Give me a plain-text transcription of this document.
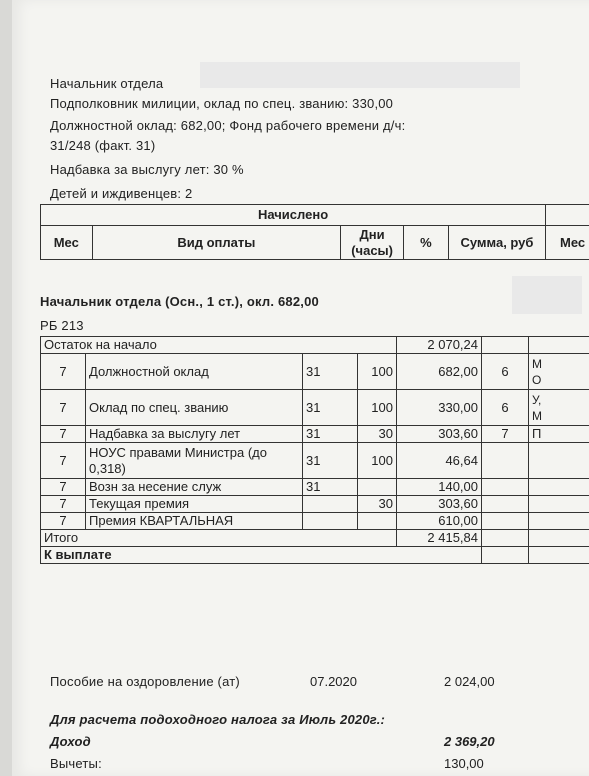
Начальник отдела
Подполковник милиции, оклад по спец. званию: 330,00
Должностной оклад: 682,00; Фонд рабочего времени д/ч:
31/248 (факт. 31)
Надбавка за выслугу лет: 30 %
Детей и иждивенцев: 2
Начислено					
Мес	Вид оплаты	Дни (часы)	%	Сумма, руб	Мес
Начальник отдела (Осн., 1 ст.), окл. 682,00
РБ 213
Остаток на начало				2 070,24		
7	Должностной оклад	31	100	682,00	6	М
О
7	Оклад по спец. званию	31	100	330,00	6	У,
М
7	Надбавка за выслугу лет	31	30	303,60	7	П
7	НОУС правами Министра (до 0,318)	31	100	46,64		
7	Возн за несение служ	31		140,00		
7	Текущая премия		30	303,60		
7	Премия КВАРТАЛЬНАЯ			610,00		
Итого				2 415,84		
К выплате						
Пособие на оздоровление (ат)	07.2020	2 024,00
Для расчета подоходного налога за Июль 2020г.:
Доход	2 369,20
Вычеты:	130,00
